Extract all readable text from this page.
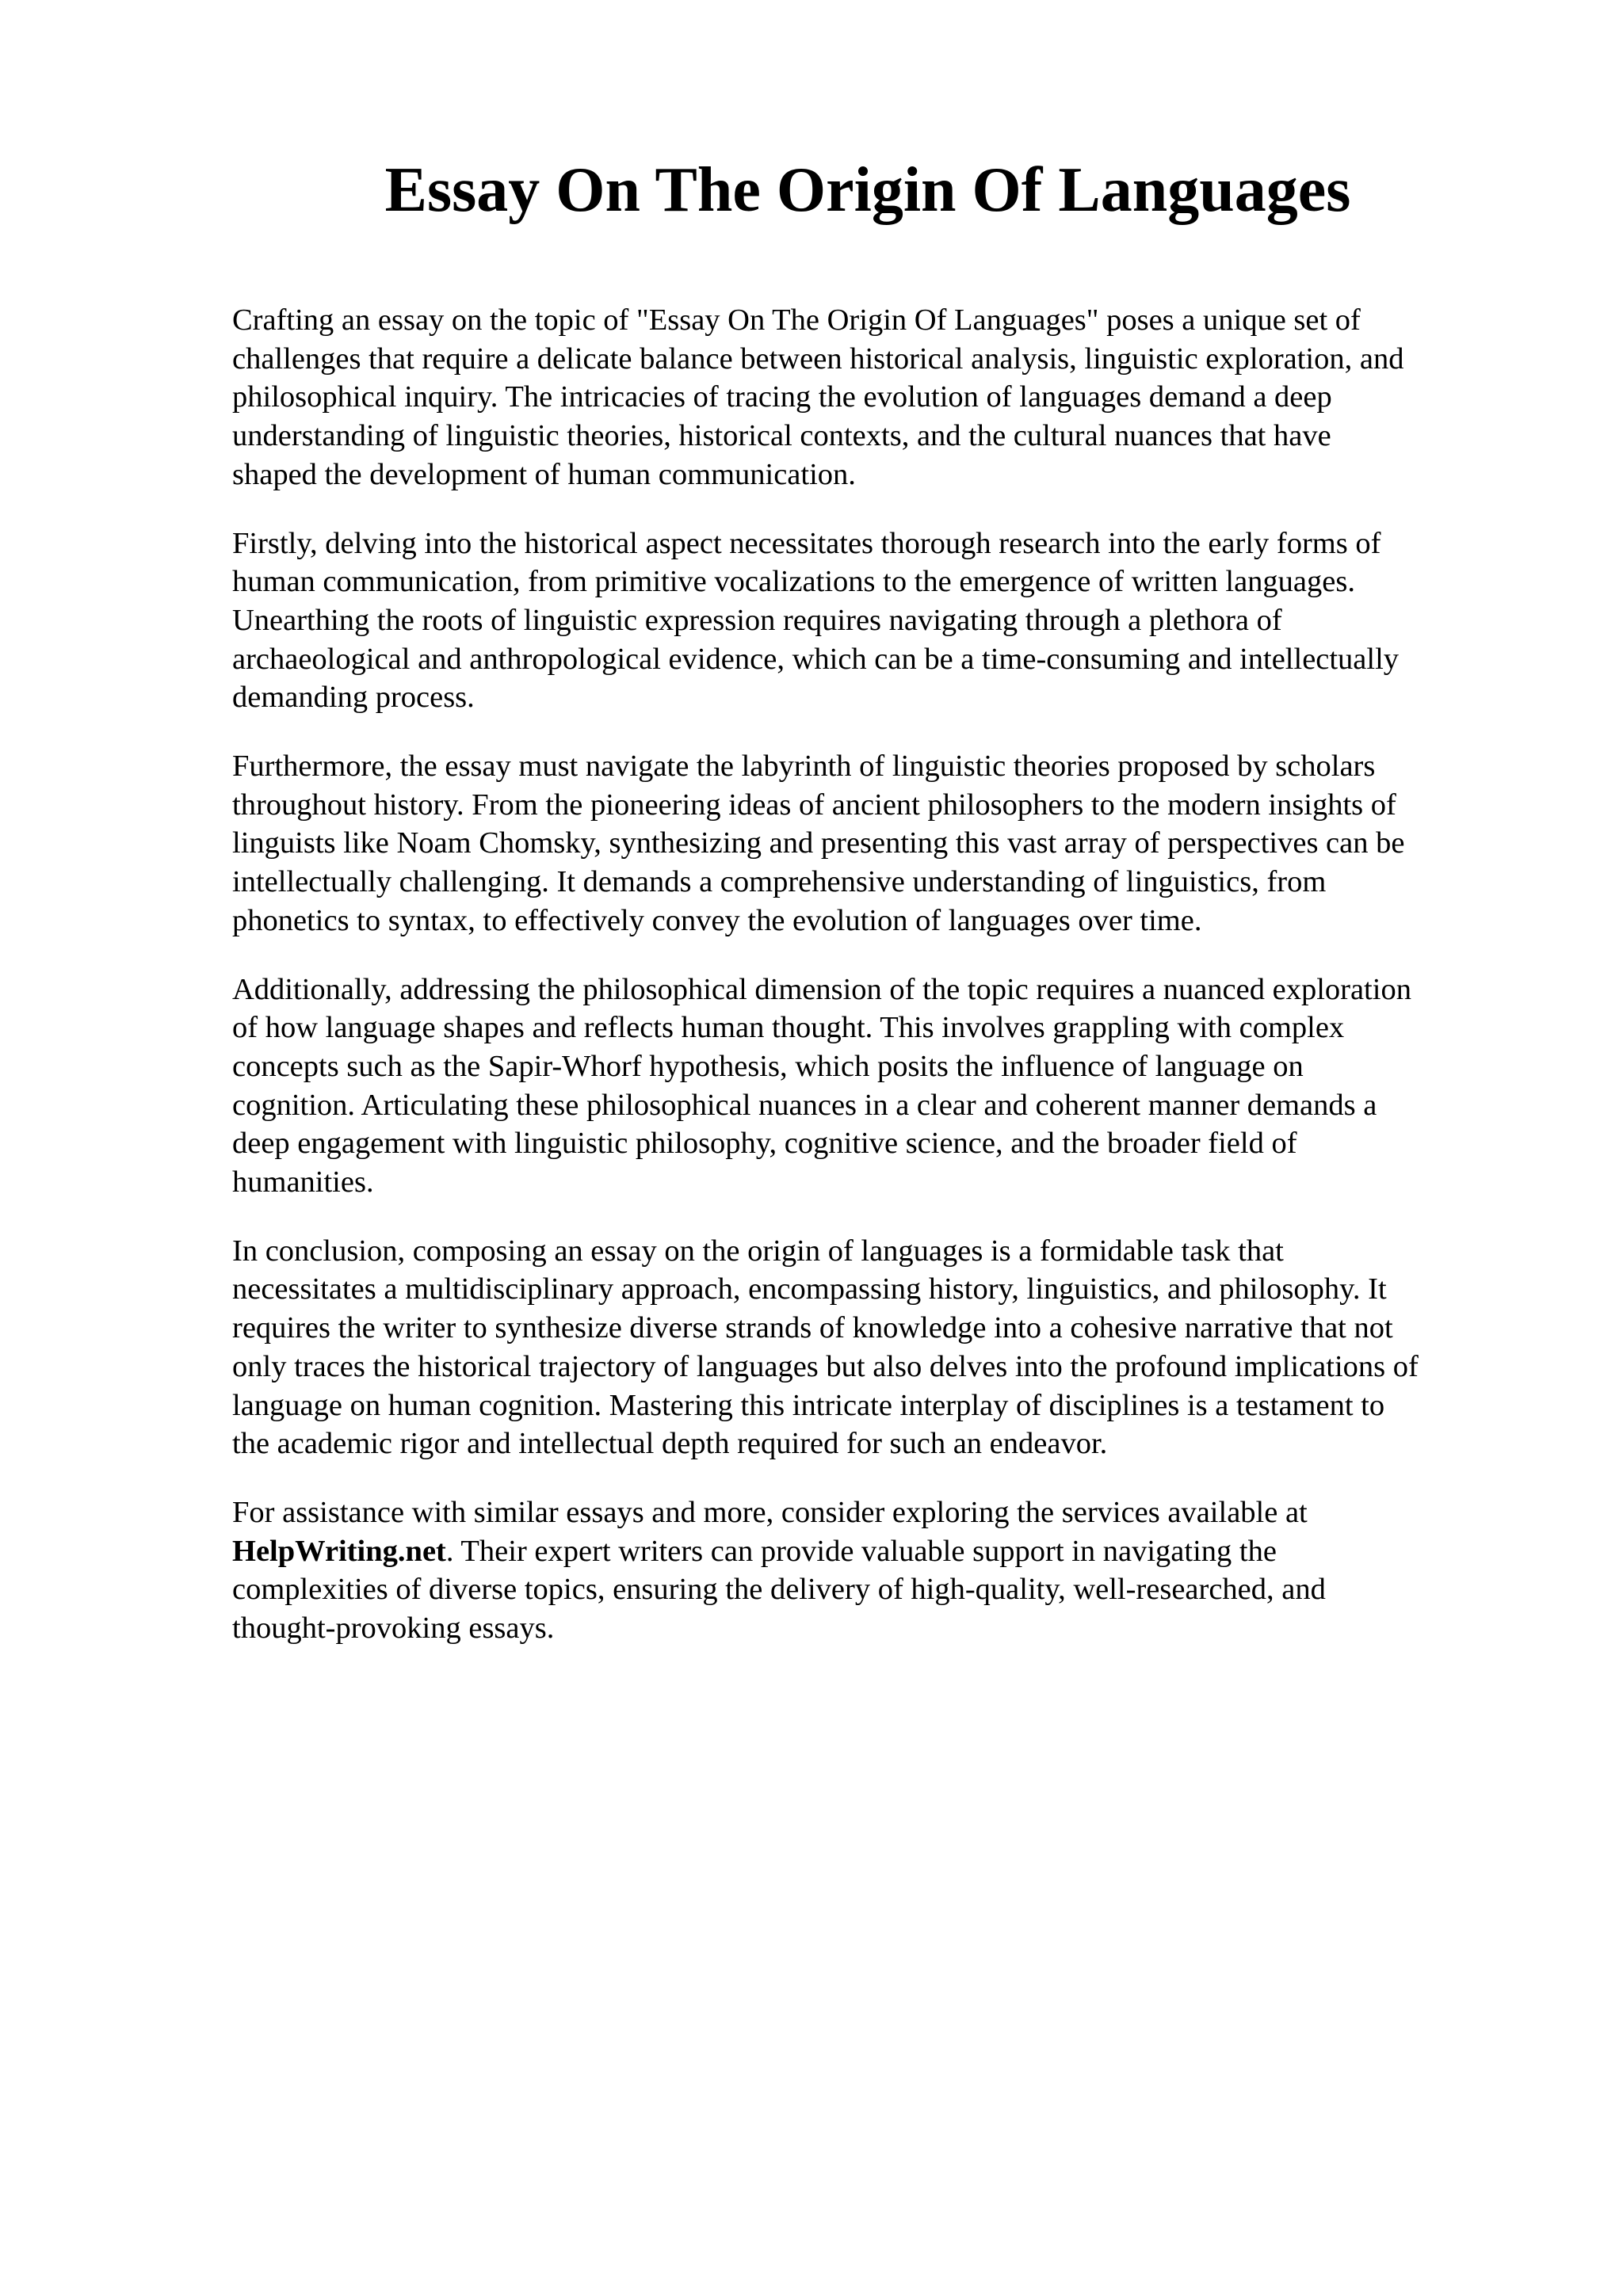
Essay On The Origin Of Languages

Crafting an essay on the topic of "Essay On The Origin Of Languages" poses a unique set of
challenges that require a delicate balance between historical analysis, linguistic exploration, and
philosophical inquiry. The intricacies of tracing the evolution of languages demand a deep
understanding of linguistic theories, historical contexts, and the cultural nuances that have
shaped the development of human communication.

Firstly, delving into the historical aspect necessitates thorough research into the early forms of
human communication, from primitive vocalizations to the emergence of written languages.
Unearthing the roots of linguistic expression requires navigating through a plethora of
archaeological and anthropological evidence, which can be a time-consuming and intellectually
demanding process.

Furthermore, the essay must navigate the labyrinth of linguistic theories proposed by scholars
throughout history. From the pioneering ideas of ancient philosophers to the modern insights of
linguists like Noam Chomsky, synthesizing and presenting this vast array of perspectives can be
intellectually challenging. It demands a comprehensive understanding of linguistics, from
phonetics to syntax, to effectively convey the evolution of languages over time.

Additionally, addressing the philosophical dimension of the topic requires a nuanced exploration
of how language shapes and reflects human thought. This involves grappling with complex
concepts such as the Sapir-Whorf hypothesis, which posits the influence of language on
cognition. Articulating these philosophical nuances in a clear and coherent manner demands a
deep engagement with linguistic philosophy, cognitive science, and the broader field of
humanities.

In conclusion, composing an essay on the origin of languages is a formidable task that
necessitates a multidisciplinary approach, encompassing history, linguistics, and philosophy. It
requires the writer to synthesize diverse strands of knowledge into a cohesive narrative that not
only traces the historical trajectory of languages but also delves into the profound implications of
language on human cognition. Mastering this intricate interplay of disciplines is a testament to
the academic rigor and intellectual depth required for such an endeavor.

For assistance with similar essays and more, consider exploring the services available at
HelpWriting.net. Their expert writers can provide valuable support in navigating the
complexities of diverse topics, ensuring the delivery of high-quality, well-researched, and
thought-provoking essays.
